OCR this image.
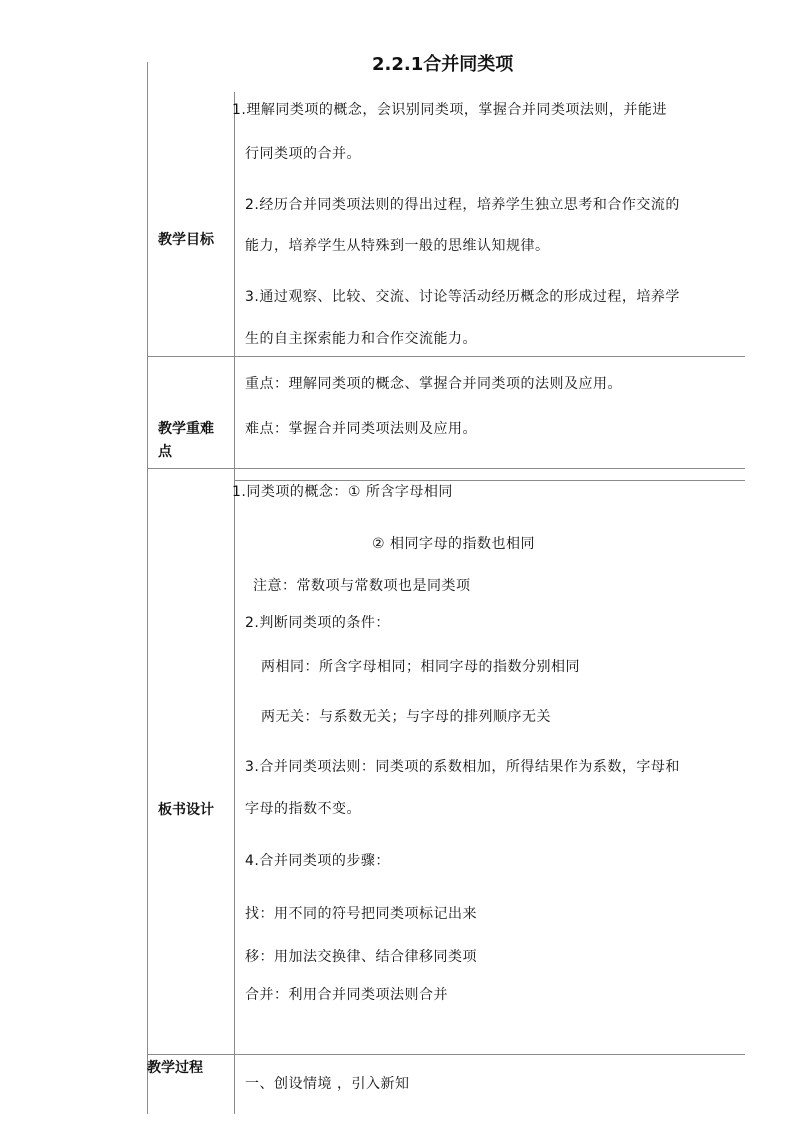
2.2.1合并同类项
教学目标
1.理解同类项的概念，会识别同类项，掌握合并同类项法则，并能进
行同类项的合并。
2.经历合并同类项法则的得出过程，培养学生独立思考和合作交流的
能力，培养学生从特殊到一般的思维认知规律。
3.通过观察、比较、交流、讨论等活动经历概念的形成过程，培养学
生的自主探索能力和合作交流能力。
教学重难
点
重点：理解同类项的概念、掌握合并同类项的法则及应用。
难点：掌握合并同类项法则及应用。
板书设计
1.同类项的概念：① 所含字母相同
② 相同字母的指数也相同
注意：常数项与常数项也是同类项
2.判断同类项的条件：
两相同：所含字母相同；相同字母的指数分别相同
两无关：与系数无关；与字母的排列顺序无关
3.合并同类项法则：同类项的系数相加，所得结果作为系数，字母和
字母的指数不变。
4.合并同类项的步骤：
找：用不同的符号把同类项标记出来
移：用加法交换律、结合律移同类项
合并：利用合并同类项法则合并
教学过程
一、创设情境 ，引入新知
